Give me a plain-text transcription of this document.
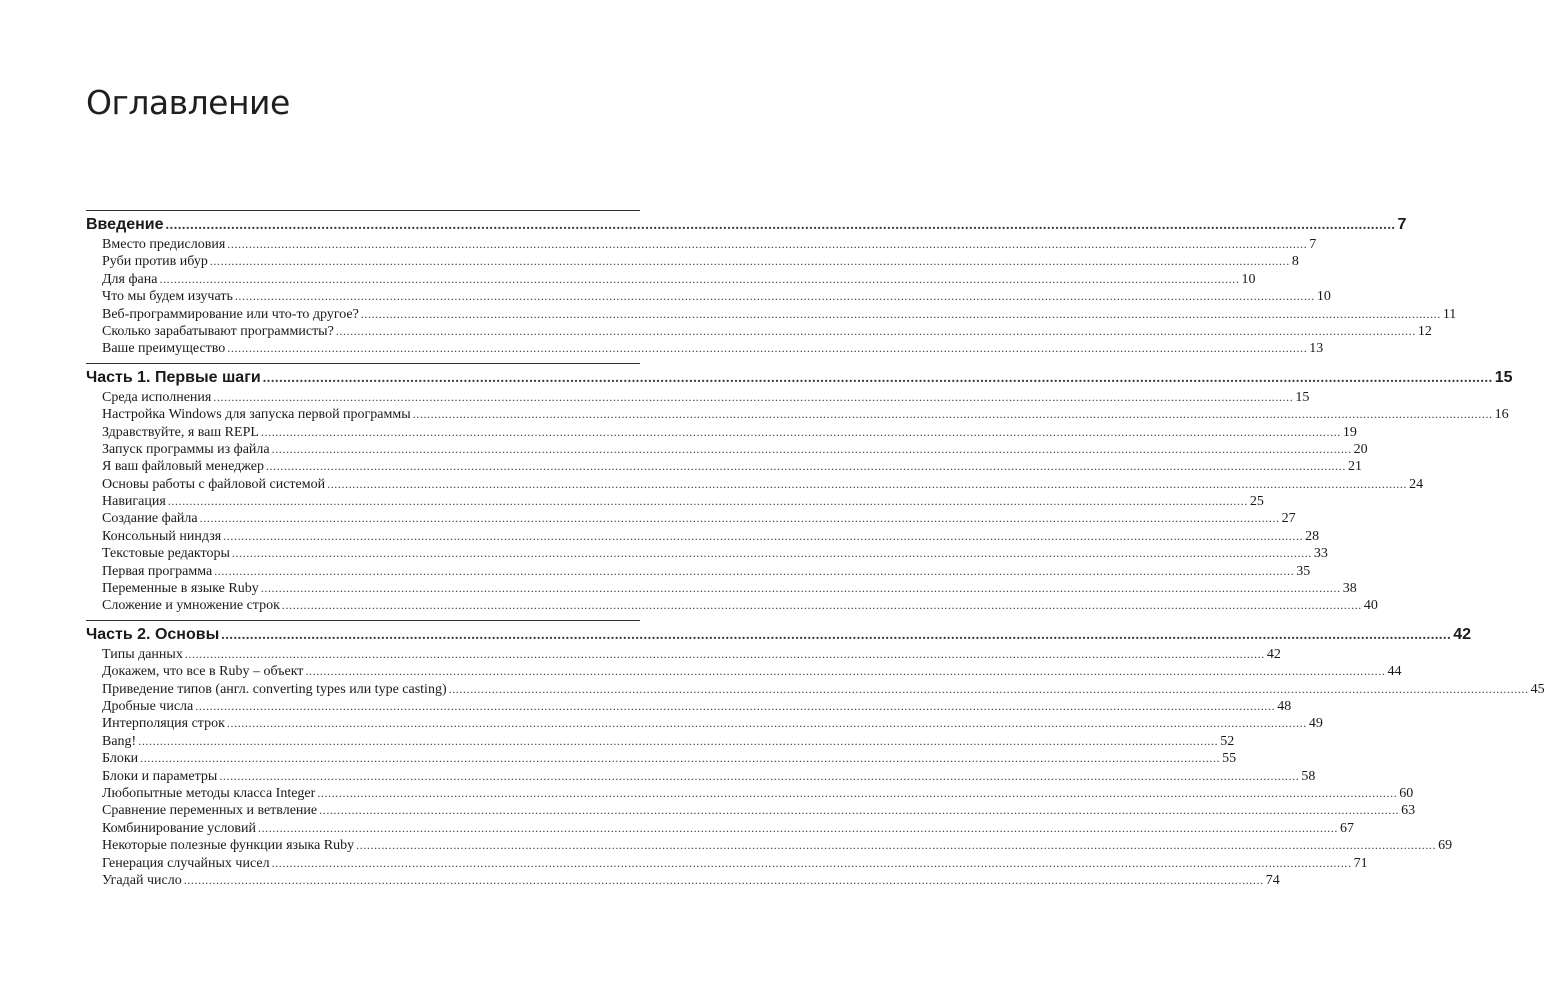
Оглавление
Введение ............................................................................................................................................................................................................................................................................................................ 7
Вместо предисловия ............................................................................................................................................................................................................................................................................................................ 7
Руби против ибур ............................................................................................................................................................................................................................................................................................................ 8
Для фана ............................................................................................................................................................................................................................................................................................................ 10
Что мы будем изучать ............................................................................................................................................................................................................................................................................................................ 10
Веб-программирование или что-то другое? ............................................................................................................................................................................................................................................................................................................ 11
Сколько зарабатывают программисты? ............................................................................................................................................................................................................................................................................................................ 12
Ваше преимущество ............................................................................................................................................................................................................................................................................................................ 13
Часть 1. Первые шаги ............................................................................................................................................................................................................................................................................................................ 15
Среда исполнения ............................................................................................................................................................................................................................................................................................................ 15
Настройка Windows для запуска первой программы ............................................................................................................................................................................................................................................................................................................ 16
Здравствуйте, я ваш REPL ............................................................................................................................................................................................................................................................................................................ 19
Запуск программы из файла ............................................................................................................................................................................................................................................................................................................ 20
Я ваш файловый менеджер ............................................................................................................................................................................................................................................................................................................ 21
Основы работы с файловой системой ............................................................................................................................................................................................................................................................................................................ 24
Навигация ............................................................................................................................................................................................................................................................................................................ 25
Создание файла ............................................................................................................................................................................................................................................................................................................ 27
Консольный ниндзя ............................................................................................................................................................................................................................................................................................................ 28
Текстовые редакторы ............................................................................................................................................................................................................................................................................................................ 33
Первая программа ............................................................................................................................................................................................................................................................................................................ 35
Переменные в языке Ruby ............................................................................................................................................................................................................................................................................................................ 38
Сложение и умножение строк ............................................................................................................................................................................................................................................................................................................ 40
Часть 2. Основы ............................................................................................................................................................................................................................................................................................................ 42
Типы данных ............................................................................................................................................................................................................................................................................................................ 42
Докажем, что все в Ruby – объект ............................................................................................................................................................................................................................................................................................................ 44
Приведение типов (англ. converting types или type casting) ............................................................................................................................................................................................................................................................................................................ 45
Дробные числа ............................................................................................................................................................................................................................................................................................................ 48
Интерполяция строк ............................................................................................................................................................................................................................................................................................................ 49
Bang! ............................................................................................................................................................................................................................................................................................................ 52
Блоки ............................................................................................................................................................................................................................................................................................................ 55
Блоки и параметры ............................................................................................................................................................................................................................................................................................................ 58
Любопытные методы класса Integer ............................................................................................................................................................................................................................................................................................................ 60
Сравнение переменных и ветвление ............................................................................................................................................................................................................................................................................................................ 63
Комбинирование условий ............................................................................................................................................................................................................................................................................................................ 67
Некоторые полезные функции языка Ruby ............................................................................................................................................................................................................................................................................................................ 69
Генерация случайных чисел ............................................................................................................................................................................................................................................................................................................ 71
Угадай число ............................................................................................................................................................................................................................................................................................................ 74
